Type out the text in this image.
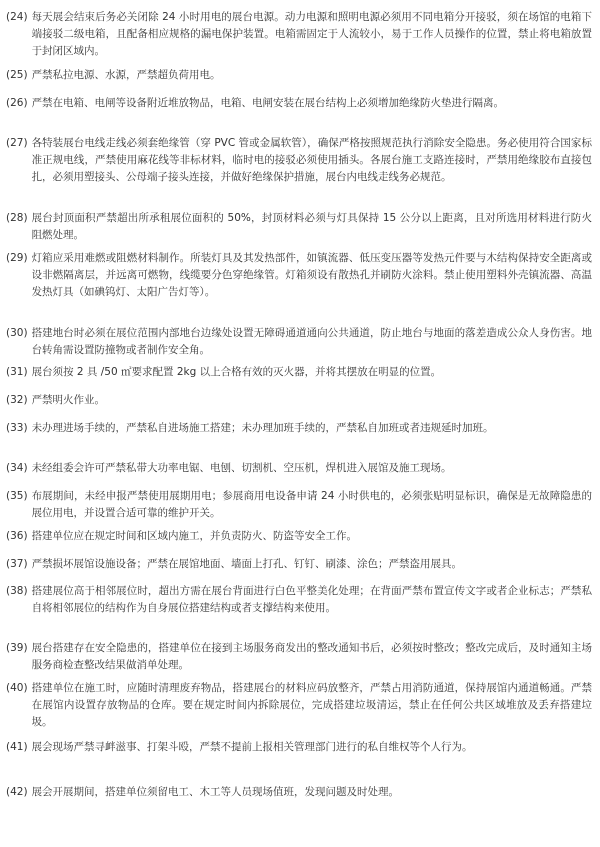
(24) 每天展会结束后务必关闭除 24 小时用电的展台电源。动力电源和照明电源必须用不同电箱分开接驳，须在场馆的电箱下端接驳二级电箱，且配备相应规格的漏电保护装置。电箱需固定于人流较小，易于工作人员操作的位置，禁止将电箱放置于封闭区域内。
(25) 严禁私拉电源、水源，严禁超负荷用电。
(26) 严禁在电箱、电闸等设备附近堆放物品，电箱、电闸安装在展台结构上必须增加绝缘防火垫进行隔离。
(27) 各特装展台电线走线必须套绝缘管（穿 PVC 管或金属软管），确保严格按照规范执行消除安全隐患。务必使用符合国家标准正规电线，严禁使用麻花线等非标材料，临时电的接驳必须使用插头。各展台施工支路连接时，严禁用绝缘胶布直接包扎，必须用塑接头、公母端子接头连接，并做好绝缘保护措施，展台内电线走线务必规范。
(28) 展台封顶面积严禁超出所承租展位面积的 50%，封顶材料必须与灯具保持 15 公分以上距离，且对所选用材料进行防火阻燃处理。
(29) 灯箱应采用难燃或阻燃材料制作。所装灯具及其发热部件，如镇流器、低压变压器等发热元件要与木结构保持安全距离或设非燃隔离层，并远离可燃物，线缆要分色穿绝缘管。灯箱须设有散热孔并刷防火涂料。禁止使用塑料外壳镇流器、高温发热灯具（如碘钨灯、太阳广告灯等）。
(30) 搭建地台时必须在展位范围内部地台边缘处设置无障碍通道通向公共通道，防止地台与地面的落差造成公众人身伤害。地台转角需设置防撞物或者制作安全角。
(31) 展台须按 2 具 /50 ㎡要求配置 2kg 以上合格有效的灭火器，并将其摆放在明显的位置。
(32) 严禁明火作业。
(33) 未办理进场手续的，严禁私自进场施工搭建；未办理加班手续的，严禁私自加班或者违规延时加班。
(34) 未经组委会许可严禁私带大功率电锯、电刨、切割机、空压机，焊机进入展馆及施工现场。
(35) 布展期间，未经申报严禁使用展期用电；参展商用电设备申请 24 小时供电的，必须张贴明显标识，确保是无故障隐患的展位用电，并设置合适可靠的维护开关。
(36) 搭建单位应在规定时间和区域内施工，并负责防火、防盗等安全工作。
(37) 严禁损坏展馆设施设备；严禁在展馆地面、墙面上打孔、钉钉、刷漆、涂色；严禁盗用展具。
(38) 搭建展位高于相邻展位时，超出方需在展台背面进行白色平整美化处理；在背面严禁布置宣传文字或者企业标志；严禁私自将相邻展位的结构作为自身展位搭建结构或者支撑结构来使用。
(39) 展台搭建存在安全隐患的，搭建单位在接到主场服务商发出的整改通知书后，必须按时整改；整改完成后，及时通知主场服务商检查整改结果做消单处理。
(40) 搭建单位在施工时，应随时清理废弃物品，搭建展台的材料应码放整齐，严禁占用消防通道，保持展馆内通道畅通。严禁在展馆内设置存放物品的仓库。要在规定时间内拆除展位，完成搭建垃圾清运，禁止在任何公共区域堆放及丢弃搭建垃圾。
(41) 展会现场严禁寻衅滋事、打架斗殴，严禁不提前上报相关管理部门进行的私自维权等个人行为。
(42) 展会开展期间，搭建单位须留电工、木工等人员现场值班，发现问题及时处理。
